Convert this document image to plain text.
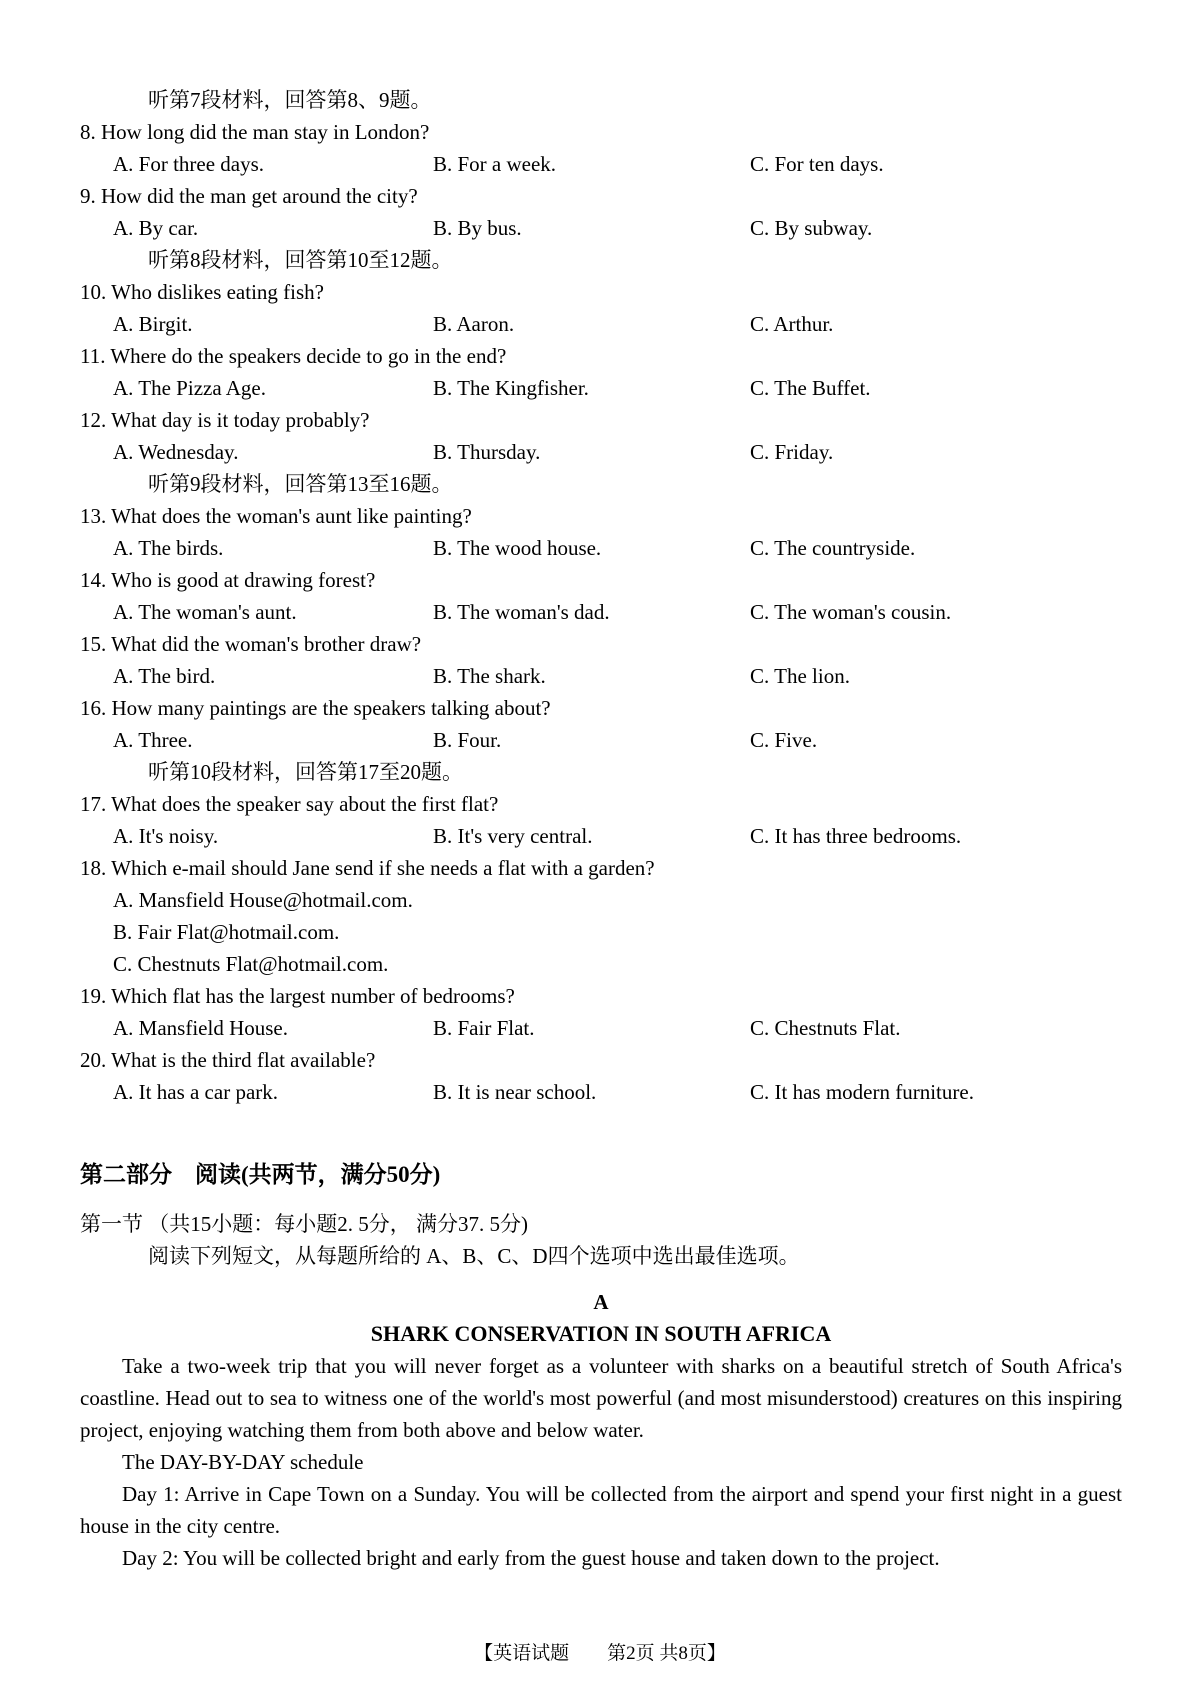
听第7段材料，回答第8、9题。
8. How long did the man stay in London?
A. For three days.	B. For a week.	C. For ten days.
9. How did the man get around the city?
A. By car.	B. By bus.	C. By subway.
听第8段材料，回答第10至12题。
10. Who dislikes eating fish?
A. Birgit.	B. Aaron.	C. Arthur.
11. Where do the speakers decide to go in the end?
A. The Pizza Age.	B. The Kingfisher.	C. The Buffet.
12. What day is it today probably?
A. Wednesday.	B. Thursday.	C. Friday.
听第9段材料，回答第13至16题。
13. What does the woman's aunt like painting?
A. The birds.	B. The wood house.	C. The countryside.
14. Who is good at drawing forest?
A. The woman's aunt.	B. The woman's dad.	C. The woman's cousin.
15. What did the woman's brother draw?
A. The bird.	B. The shark.	C. The lion.
16. How many paintings are the speakers talking about?
A. Three.	B. Four.	C. Five.
听第10段材料，回答第17至20题。
17. What does the speaker say about the first flat?
A. It's noisy.	B. It's very central.	C. It has three bedrooms.
18. Which e-mail should Jane send if she needs a flat with a garden?
A. Mansfield House@hotmail.com.
B. Fair Flat@hotmail.com.
C. Chestnuts Flat@hotmail.com.
19. Which flat has the largest number of bedrooms?
A. Mansfield House.	B. Fair Flat.	C. Chestnuts Flat.
20. What is the third flat available?
A. It has a car park.	B. It is near school.	C. It has modern furniture.
第二部分　阅读(共两节，满分50分)
第一节 （共15小题：每小题2. 5分， 满分37. 5分)
阅读下列短文，从每题所给的 A、B、C、D四个选项中选出最佳选项。
A
SHARK CONSERVATION IN SOUTH AFRICA
Take a two-week trip that you will never forget as a volunteer with sharks on a beautiful stretch of South Africa's coastline. Head out to sea to witness one of the world's most powerful (and most misunderstood) creatures on this inspiring project, enjoying watching them from both above and below water.
The DAY-BY-DAY schedule
Day 1: Arrive in Cape Town on a Sunday. You will be collected from the airport and spend your first night in a guest house in the city centre.
Day 2: You will be collected bright and early from the guest house and taken down to the project.
【英语试题　　第2页 共8页】
